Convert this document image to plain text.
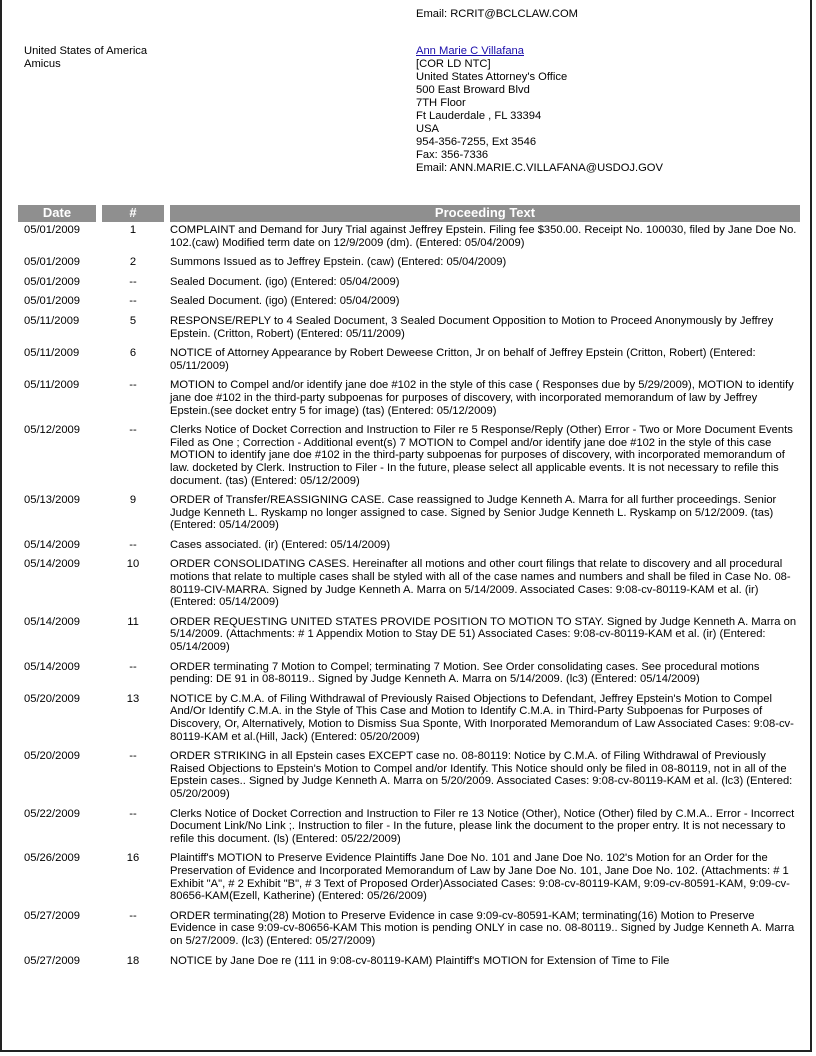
Email: RCRIT@BCLCLAW.COM
United States of America
Amicus
Ann Marie C Villafana
[COR LD NTC]
United States Attorney's Office
500 East Broward Blvd
7TH Floor
Ft Lauderdale , FL 33394
USA
954-356-7255, Ext 3546
Fax: 356-7336
Email: ANN.MARIE.C.VILLAFANA@USDOJ.GOV
Date		#		Proceeding Text
05/01/2009		1		COMPLAINT and Demand for Jury Trial against Jeffrey Epstein. Filing fee $350.00. Receipt No. 100030, filed by Jane Doe No. 102.(caw) Modified term date on 12/9/2009 (dm). (Entered: 05/04/2009)
05/01/2009		2		Summons Issued as to Jeffrey Epstein. (caw) (Entered: 05/04/2009)
05/01/2009		--		Sealed Document. (igo) (Entered: 05/04/2009)
05/01/2009		--		Sealed Document. (igo) (Entered: 05/04/2009)
05/11/2009		5		RESPONSE/REPLY to 4 Sealed Document, 3 Sealed Document Opposition to Motion to Proceed Anonymously by Jeffrey Epstein. (Critton, Robert) (Entered: 05/11/2009)
05/11/2009		6		NOTICE of Attorney Appearance by Robert Deweese Critton, Jr on behalf of Jeffrey Epstein (Critton, Robert) (Entered: 05/11/2009)
05/11/2009		--		MOTION to Compel and/or identify jane doe #102 in the style of this case ( Responses due by 5/29/2009), MOTION to identify jane doe #102 in the third-party subpoenas for purposes of discovery, with incorporated memorandum of law by Jeffrey Epstein.(see docket entry 5 for image) (tas) (Entered: 05/12/2009)
05/12/2009		--		Clerks Notice of Docket Correction and Instruction to Filer re 5 Response/Reply (Other) Error - Two or More Document Events Filed as One ; Correction - Additional event(s) 7 MOTION to Compel and/or identify jane doe #102 in the style of this case MOTION to identify jane doe #102 in the third-party subpoenas for purposes of discovery, with incorporated memorandum of law. docketed by Clerk. Instruction to Filer - In the future, please select all applicable events. It is not necessary to refile this document. (tas) (Entered: 05/12/2009)
05/13/2009		9		ORDER of Transfer/REASSIGNING CASE. Case reassigned to Judge Kenneth A. Marra for all further proceedings. Senior Judge Kenneth L. Ryskamp no longer assigned to case. Signed by Senior Judge Kenneth L. Ryskamp on 5/12/2009. (tas) (Entered: 05/14/2009)
05/14/2009		--		Cases associated. (ir) (Entered: 05/14/2009)
05/14/2009		10		ORDER CONSOLIDATING CASES. Hereinafter all motions and other court filings that relate to discovery and all procedural motions that relate to multiple cases shall be styled with all of the case names and numbers and shall be filed in Case No. 08-80119-CIV-MARRA. Signed by Judge Kenneth A. Marra on 5/14/2009. Associated Cases: 9:08-cv-80119-KAM et al. (ir) (Entered: 05/14/2009)
05/14/2009		11		ORDER REQUESTING UNITED STATES PROVIDE POSITION TO MOTION TO STAY. Signed by Judge Kenneth A. Marra on 5/14/2009. (Attachments: # 1 Appendix Motion to Stay DE 51) Associated Cases: 9:08-cv-80119-KAM et al. (ir) (Entered: 05/14/2009)
05/14/2009		--		ORDER terminating 7 Motion to Compel; terminating 7 Motion. See Order consolidating cases. See procedural motions pending: DE 91 in 08-80119.. Signed by Judge Kenneth A. Marra on 5/14/2009. (lc3) (Entered: 05/14/2009)
05/20/2009		13		NOTICE by C.M.A. of Filing Withdrawal of Previously Raised Objections to Defendant, Jeffrey Epstein's Motion to Compel And/Or Identify C.M.A. in the Style of This Case and Motion to Identify C.M.A. in Third-Party Subpoenas for Purposes of Discovery, Or, Alternatively, Motion to Dismiss Sua Sponte, With Inorporated Memorandum of Law Associated Cases: 9:08-cv-80119-KAM et al.(Hill, Jack) (Entered: 05/20/2009)
05/20/2009		--		ORDER STRIKING in all Epstein cases EXCEPT case no. 08-80119: Notice by C.M.A. of Filing Withdrawal of Previously Raised Objections to Epstein's Motion to Compel and/or Identify. This Notice should only be filed in 08-80119, not in all of the Epstein cases.. Signed by Judge Kenneth A. Marra on 5/20/2009. Associated Cases: 9:08-cv-80119-KAM et al. (lc3) (Entered: 05/20/2009)
05/22/2009		--		Clerks Notice of Docket Correction and Instruction to Filer re 13 Notice (Other), Notice (Other) filed by C.M.A.. Error - Incorrect Document Link/No Link ;. Instruction to filer - In the future, please link the document to the proper entry. It is not necessary to refile this document. (ls) (Entered: 05/22/2009)
05/26/2009		16		Plaintiff's MOTION to Preserve Evidence Plaintiffs Jane Doe No. 101 and Jane Doe No. 102's Motion for an Order for the Preservation of Evidence and Incorporated Memorandum of Law by Jane Doe No. 101, Jane Doe No. 102. (Attachments: # 1 Exhibit "A", # 2 Exhibit "B", # 3 Text of Proposed Order)Associated Cases: 9:08-cv-80119-KAM, 9:09-cv-80591-KAM, 9:09-cv-80656-KAM(Ezell, Katherine) (Entered: 05/26/2009)
05/27/2009		--		ORDER terminating(28) Motion to Preserve Evidence in case 9:09-cv-80591-KAM; terminating(16) Motion to Preserve Evidence in case 9:09-cv-80656-KAM This motion is pending ONLY in case no. 08-80119.. Signed by Judge Kenneth A. Marra on 5/27/2009. (lc3) (Entered: 05/27/2009)
05/27/2009		18		NOTICE by Jane Doe re (111 in 9:08-cv-80119-KAM) Plaintiff's MOTION for Extension of Time to File
